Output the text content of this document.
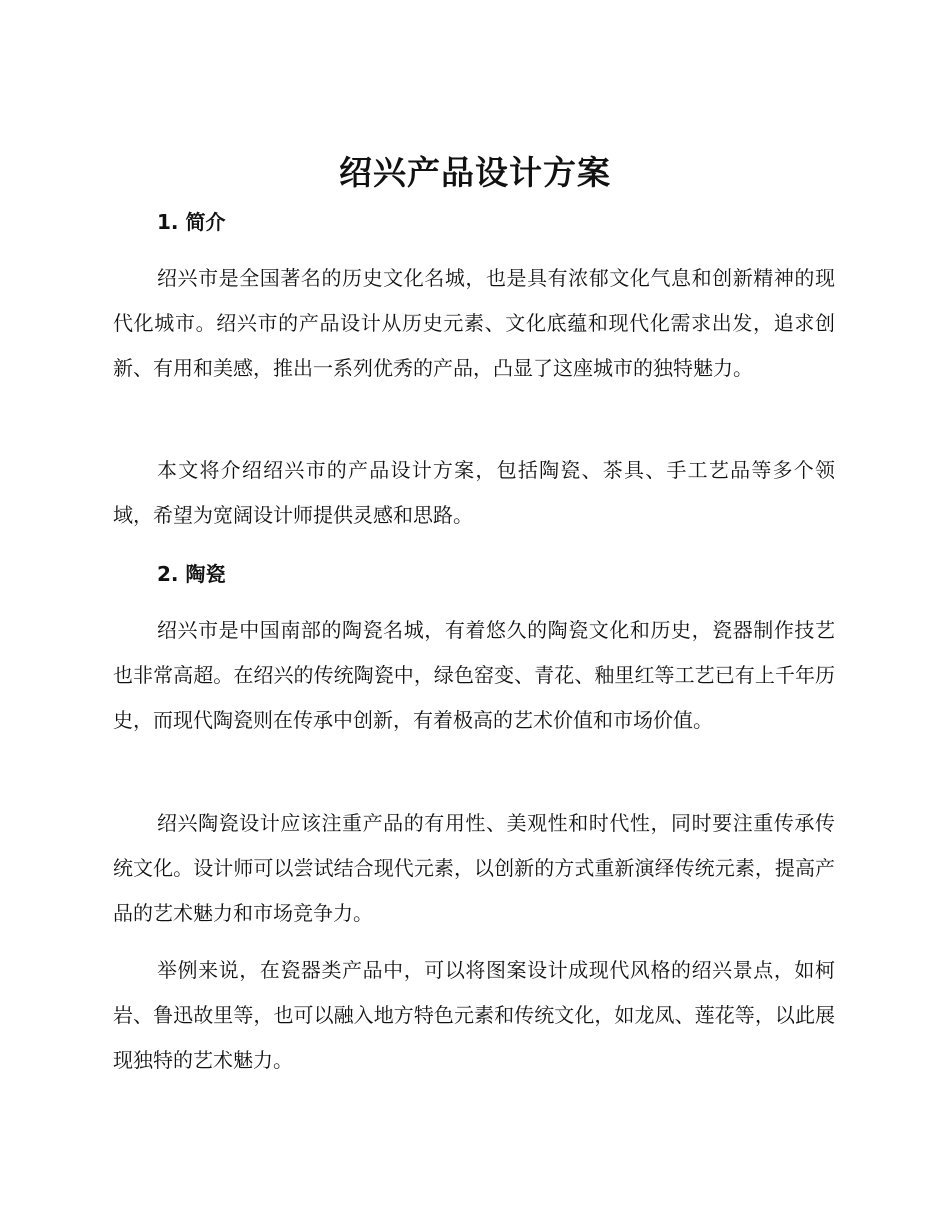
绍兴产品设计方案
1. 简介

绍兴市是全国著名的历史文化名城，也是具有浓郁文化气息和创新精神的现代化城市。绍兴市的产品设计从历史元素、文化底蕴和现代化需求出发，追求创新、有用和美感，推出一系列优秀的产品，凸显了这座城市的独特魅力。

本文将介绍绍兴市的产品设计方案，包括陶瓷、茶具、手工艺品等多个领域，希望为宽阔设计师提供灵感和思路。

2. 陶瓷

绍兴市是中国南部的陶瓷名城，有着悠久的陶瓷文化和历史，瓷器制作技艺也非常高超。在绍兴的传统陶瓷中，绿色窑变、青花、釉里红等工艺已有上千年历史，而现代陶瓷则在传承中创新，有着极高的艺术价值和市场价值。

绍兴陶瓷设计应该注重产品的有用性、美观性和时代性，同时要注重传承传统文化。设计师可以尝试结合现代元素，以创新的方式重新演绎传统元素，提高产品的艺术魅力和市场竞争力。

举例来说，在瓷器类产品中，可以将图案设计成现代风格的绍兴景点，如柯岩、鲁迅故里等，也可以融入地方特色元素和传统文化，如龙凤、莲花等，以此展现独特的艺术魅力。
